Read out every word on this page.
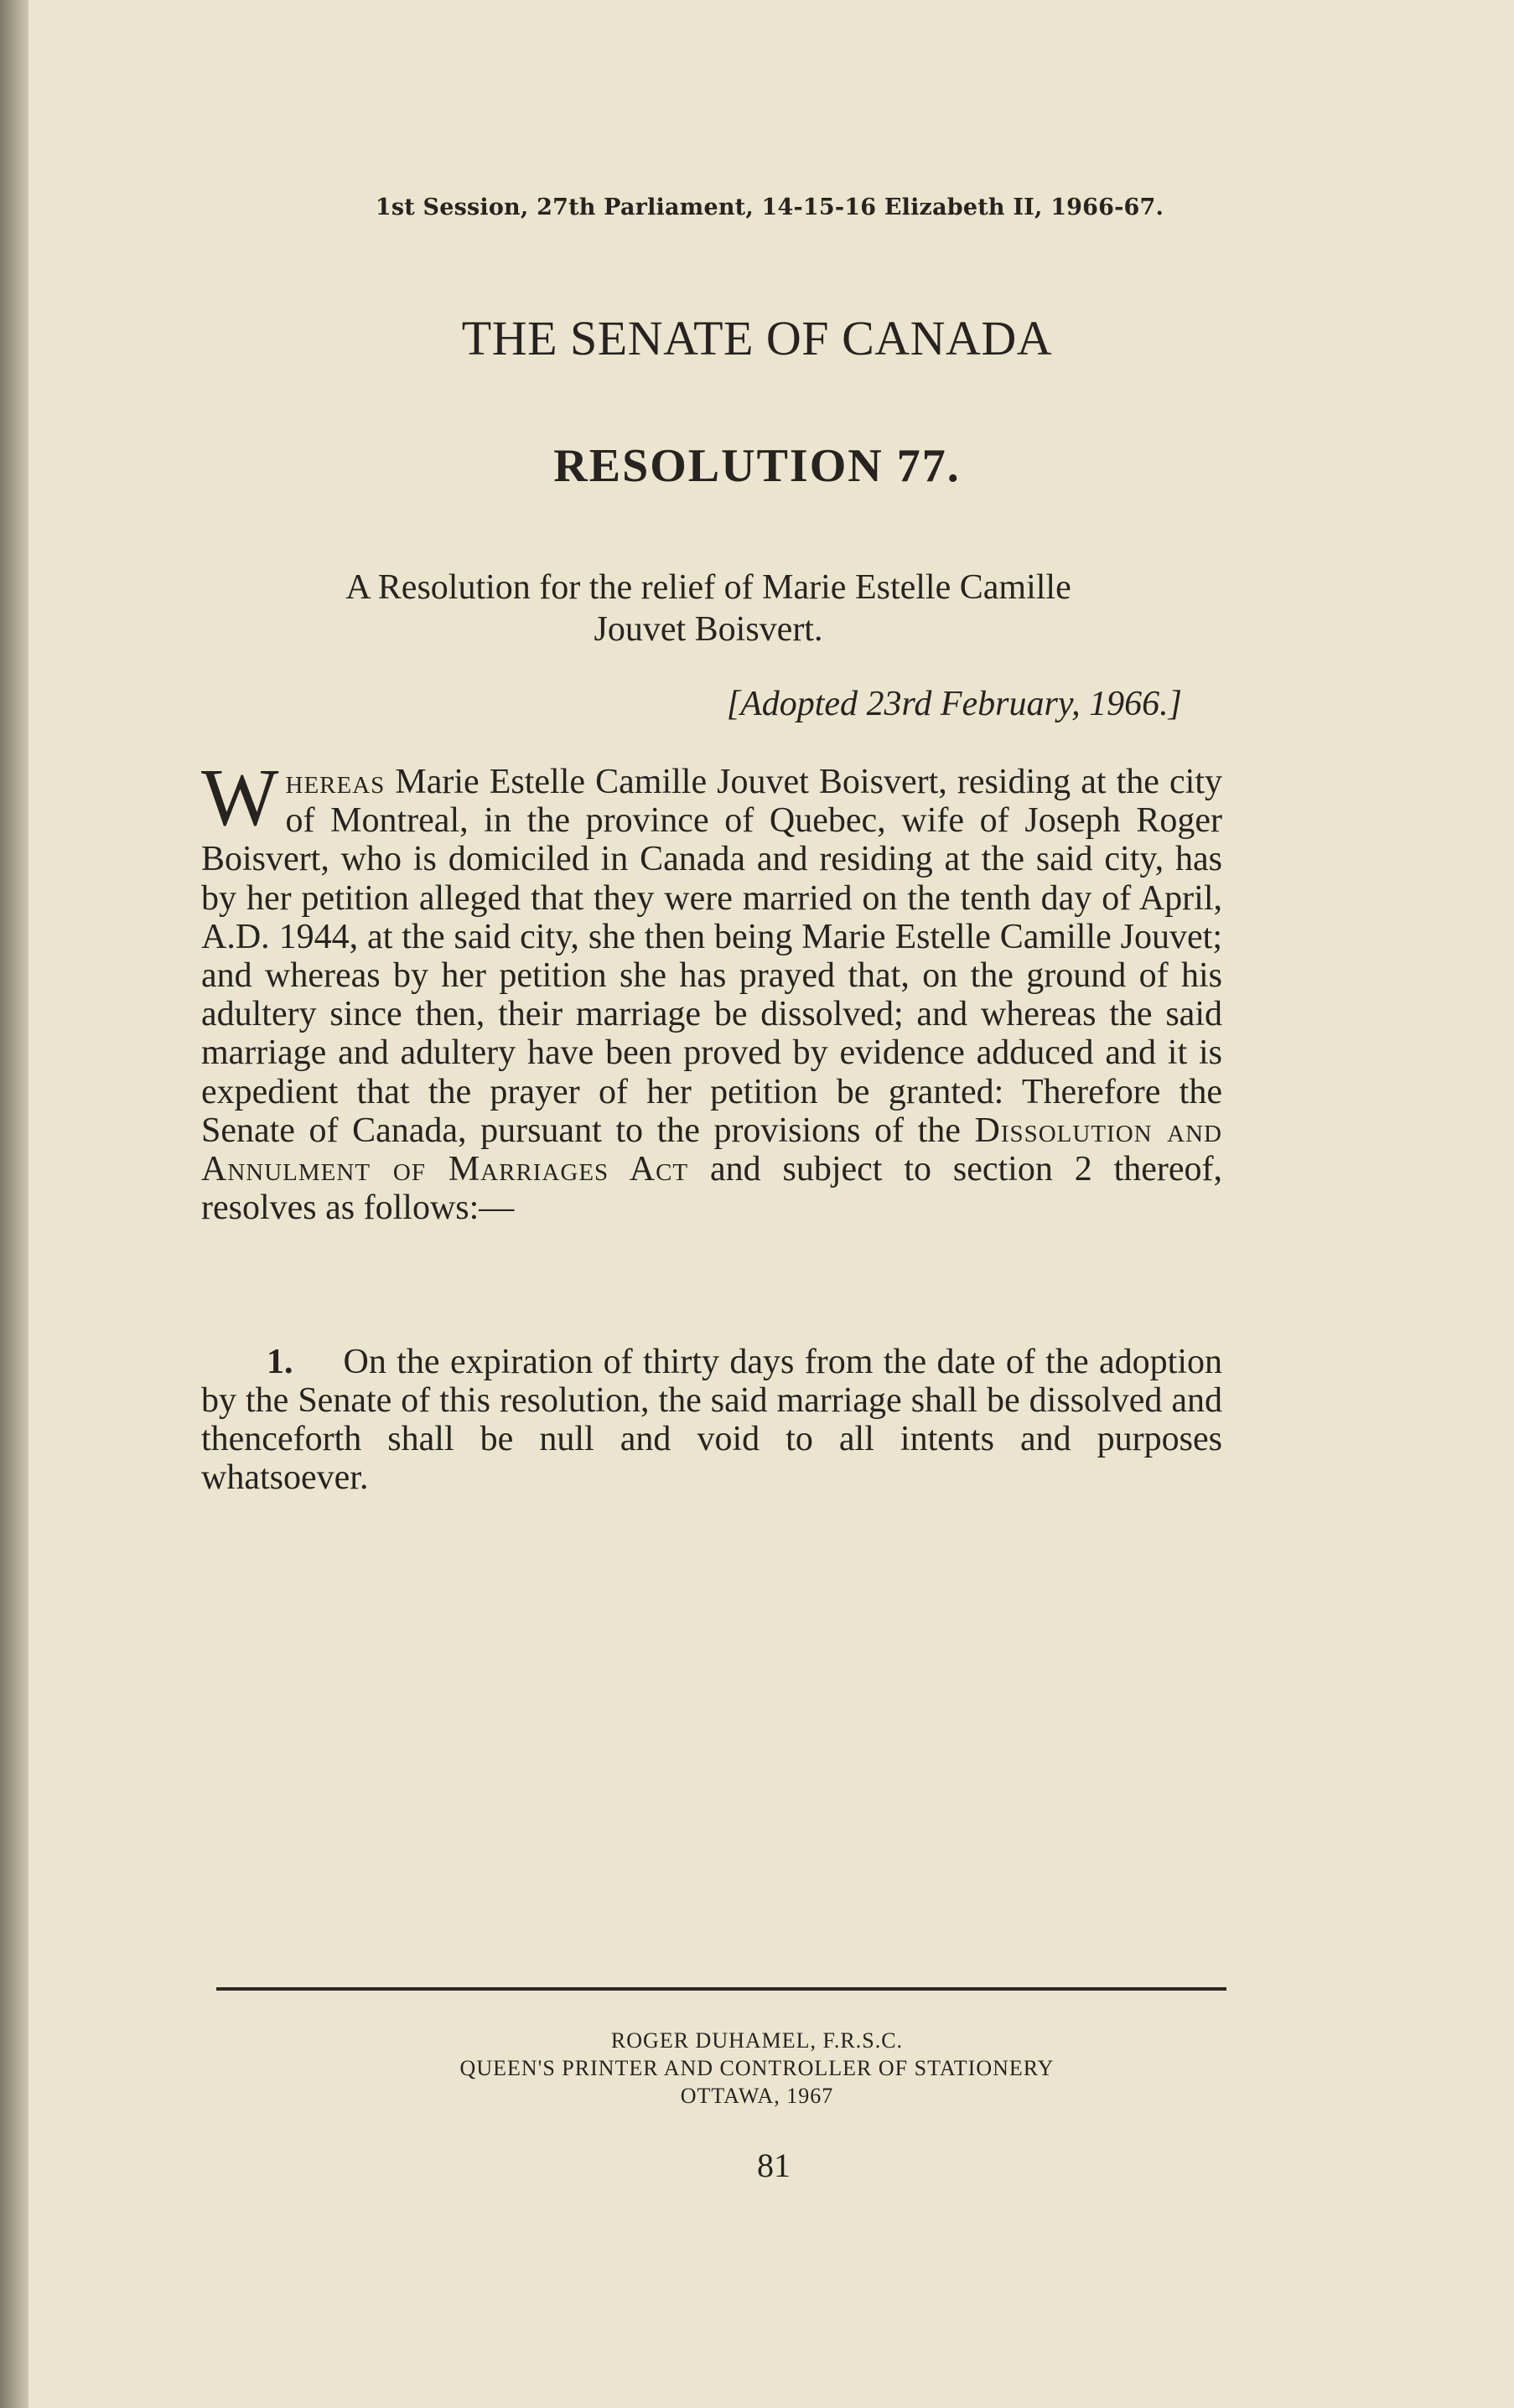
1st Session, 27th Parliament, 14-15-16 Elizabeth II, 1966-67.

THE SENATE OF CANADA
RESOLUTION 77.
A Resolution for the relief of Marie Estelle Camille
Jouvet Boisvert.

[Adopted 23rd February, 1966.]

Whereas Marie Estelle Camille Jouvet Boisvert, residing at the city of Montreal, in the province of Quebec, wife of Joseph Roger Boisvert, who is domiciled in Canada and residing at the said city, has by her petition alleged that they were married on the tenth day of April, A.D. 1944, at the said city, she then being Marie Estelle Camille Jouvet; and whereas by her petition she has prayed that, on the ground of his adultery since then, their marriage be dissolved; and whereas the said marriage and adultery have been proved by evidence adduced and it is expedient that the prayer of her petition be granted: Therefore the Senate of Canada, pursuant to the provisions of the Dissolution and Annulment of Marriages Act and subject to section 2 thereof, resolves as follows:—

1. On the expiration of thirty days from the date of the adoption by the Senate of this resolution, the said marriage shall be dissolved and thenceforth shall be null and void to all intents and purposes whatsoever.

ROGER DUHAMEL, F.R.S.C.
QUEEN'S PRINTER AND CONTROLLER OF STATIONERY
OTTAWA, 1967

81
